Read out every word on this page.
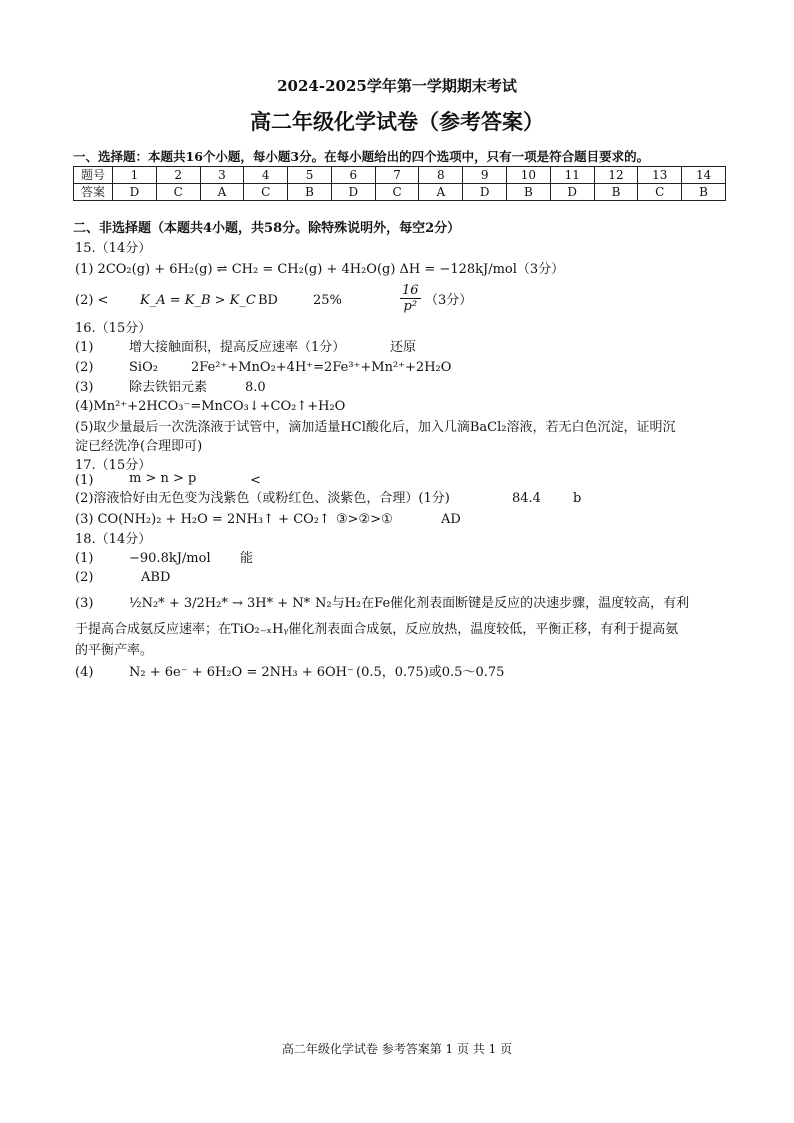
2024-2025学年第一学期期末考试
高二年级化学试卷（参考答案）
一、选择题：本题共16个小题，每小题3分。在每小题给出的四个选项中，只有一项是符合题目要求的。
题号	1	2	3	4	5	6	7	8	9	10	11	12	13	14
答案	D	C	A	C	B	D	C	A	D	B	D	B	C	B
二、非选择题（本题共4小题，共58分。除特殊说明外，每空2分）
15.（14分）
(1) 2CO₂(g) + 6H₂(g) ⇌ CH₂ = CH₂(g) + 4H₂O(g) ΔH = −128kJ/mol（3分）
(2) < K_A = K_B > K_C BD	25%	$\frac{16}{\text{p²}} (3$分）
16.（15分）
(1)	增大接触面积，提高反应速率（1分）	还原
(2)	SiO₂	2Fe²⁺+MnO₂+4H⁺=2Fe³⁺+Mn²⁺+2H₂O
(3)	除去铁铝元素	8.0
(4)Mn²⁺+2HCO₃⁻=MnCO₃↓+CO₂↑+H₂O
(5)取少量最后一次洗涤液于试管中，滴加适量HCl酸化后，加入几滴BaCl₂溶液，若无白色沉淀，证明沉
淀已经洗净(合理即可)
17.（15分）
(1)	m > n > p	<
(2)溶液恰好由无色变为浅紫色（或粉红色、淡紫色，合理）(1分)	84.4 b
(3) CO(NH₂)₂ + H₂O = 2NH₃↑ + CO₂↑ ③>②>①	AD
18.（14分）
(1)	−90.8kJ/mol 能
(2)	ABD
(3)	½N₂* + 3/2H₂* → 3H* + N* N₂与H₂在Fe催化剂表面断键是反应的决速步骤，温度较高，有利
于提高合成氨反应速率；在TiO₂₋ₓHᵧ催化剂表面合成氨，反应放热，温度较低，平衡正移，有利于提高氨
的平衡产率。
(4)	N₂ + 6e⁻ + 6H₂O = 2NH₃ + 6OH⁻ (0.5，0.75)或0.5～0.75
高二年级化学试卷 参考答案第 1 页 共 1 页
